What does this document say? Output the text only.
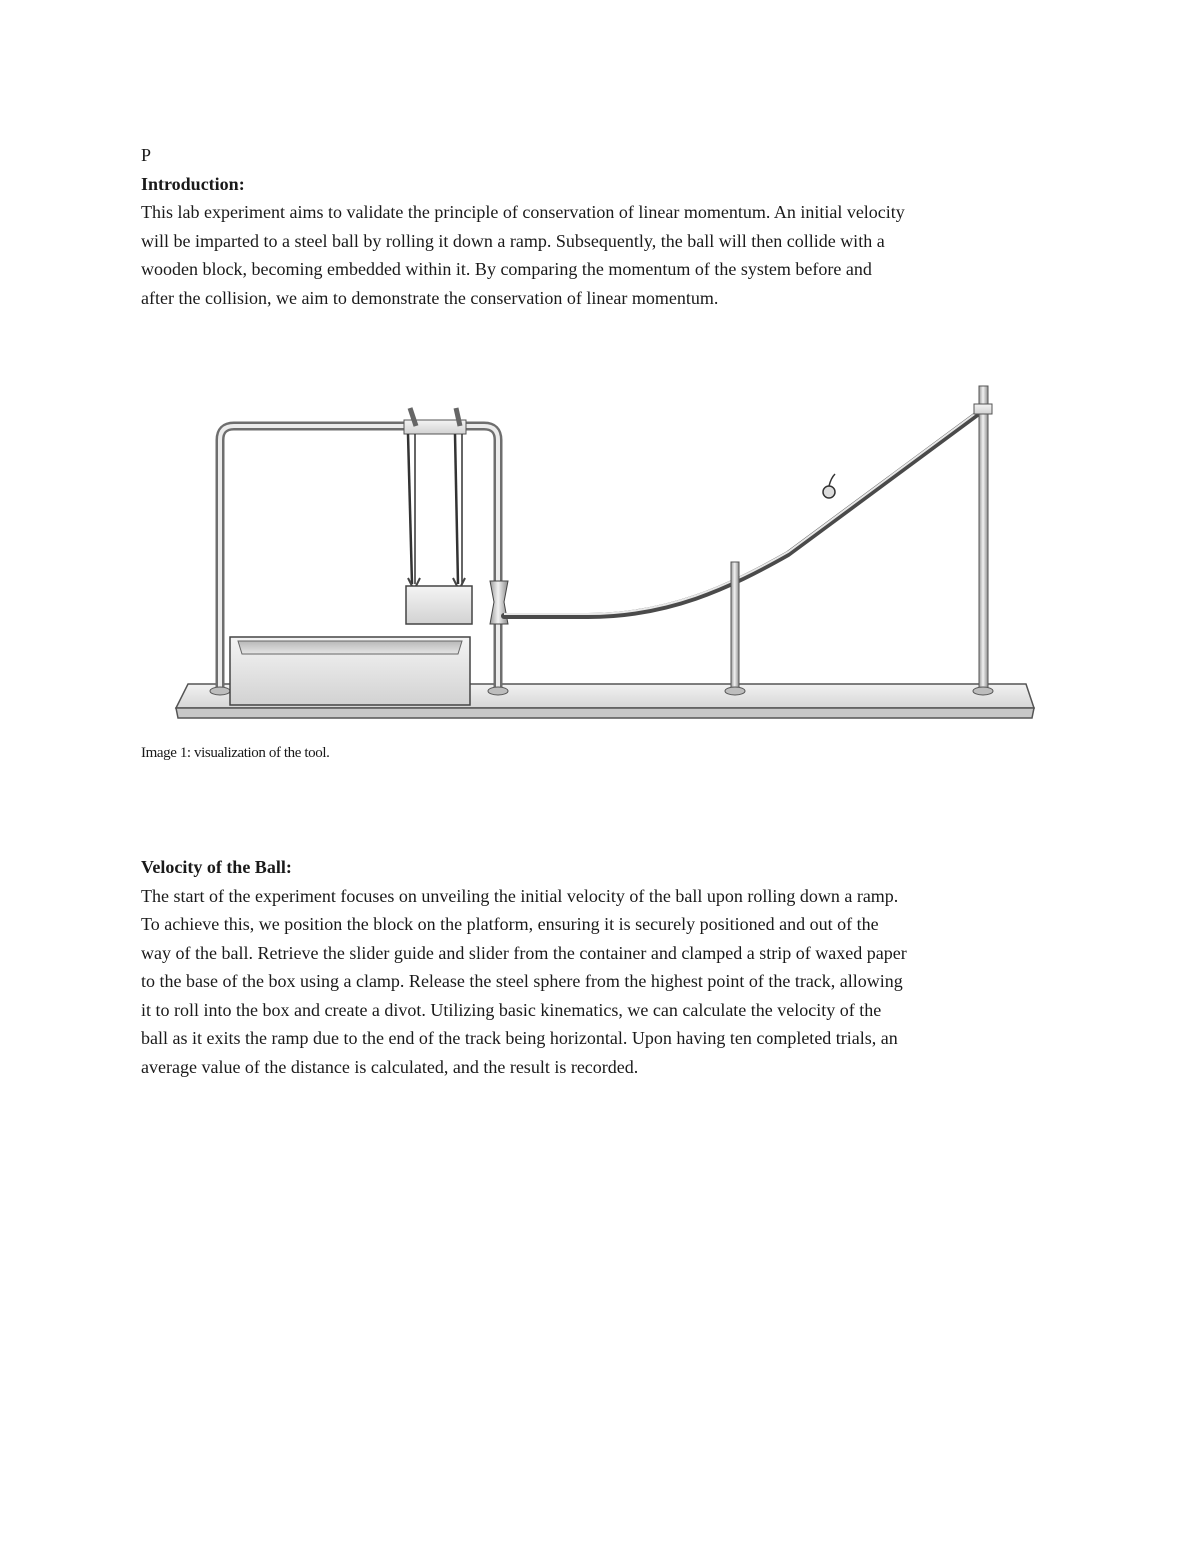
P
Introduction:
This lab experiment aims to validate the principle of conservation of linear momentum. An initial velocity
will be imparted to a steel ball by rolling it down a ramp. Subsequently, the ball will then collide with a
wooden block, becoming embedded within it. By comparing the momentum of the system before and
after the collision, we aim to demonstrate the conservation of linear momentum.
Image 1: visualization of the tool.
Velocity of the Ball:
The start of the experiment focuses on unveiling the initial velocity of the ball upon rolling down a ramp.
To achieve this, we position the block on the platform, ensuring it is securely positioned and out of the
way of the ball. Retrieve the slider guide and slider from the container and clamped a strip of waxed paper
to the base of the box using a clamp. Release the steel sphere from the highest point of the track, allowing
it to roll into the box and create a divot. Utilizing basic kinematics, we can calculate the velocity of the
ball as it exits the ramp due to the end of the track being horizontal. Upon having ten completed trials, an
average value of the distance is calculated, and the result is recorded.
